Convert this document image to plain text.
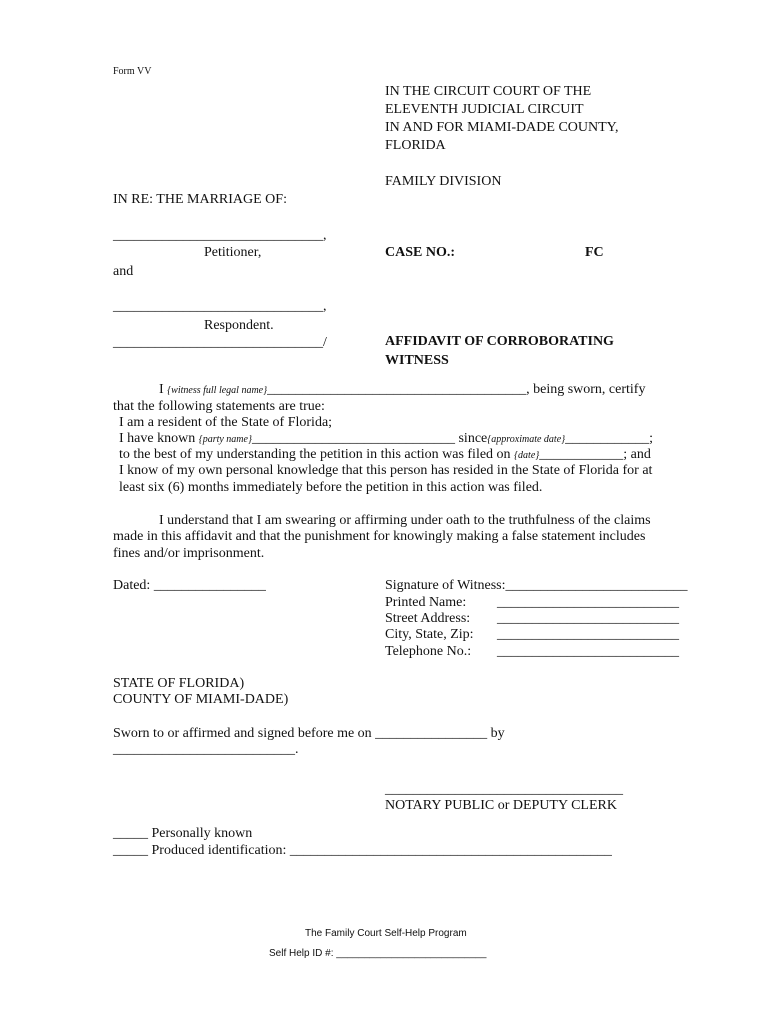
Form VV
IN THE CIRCUIT COURT OF THE
ELEVENTH JUDICIAL CIRCUIT
IN AND FOR MIAMI-DADE COUNTY,
FLORIDA
FAMILY DIVISION
IN RE: THE MARRIAGE OF:
______________________________,
Petitioner,	CASE NO.:	FC
and
______________________________,
Respondent.
______________________________/	AFFIDAVIT OF CORROBORATING
WITNESS
I {witness full legal name}_____________________________________, being sworn, certify
that the following statements are true:
I am a resident of the State of Florida;
I have known {party name}_____________________________ since{approximate date}____________;
to the best of my understanding the petition in this action was filed on {date}____________; and
I know of my own personal knowledge that this person has resided in the State of Florida for at
least six (6) months immediately before the petition in this action was filed.
I understand that I am swearing or affirming under oath to the truthfulness of the claims
made in this affidavit and that the punishment for knowingly making a false statement includes
fines and/or imprisonment.
Dated: ________________	Signature of Witness:__________________________
Printed Name: __________________________
Street Address: __________________________
City, State, Zip: __________________________
Telephone No.: __________________________
STATE OF FLORIDA)
COUNTY OF MIAMI-DADE)
Sworn to or affirmed and signed before me on ________________ by
__________________________.
__________________________________
NOTARY PUBLIC or DEPUTY CLERK
_____ Personally known
_____ Produced identification: ______________________________________________
The Family Court Self-Help Program
Self Help ID #: ___________________________
